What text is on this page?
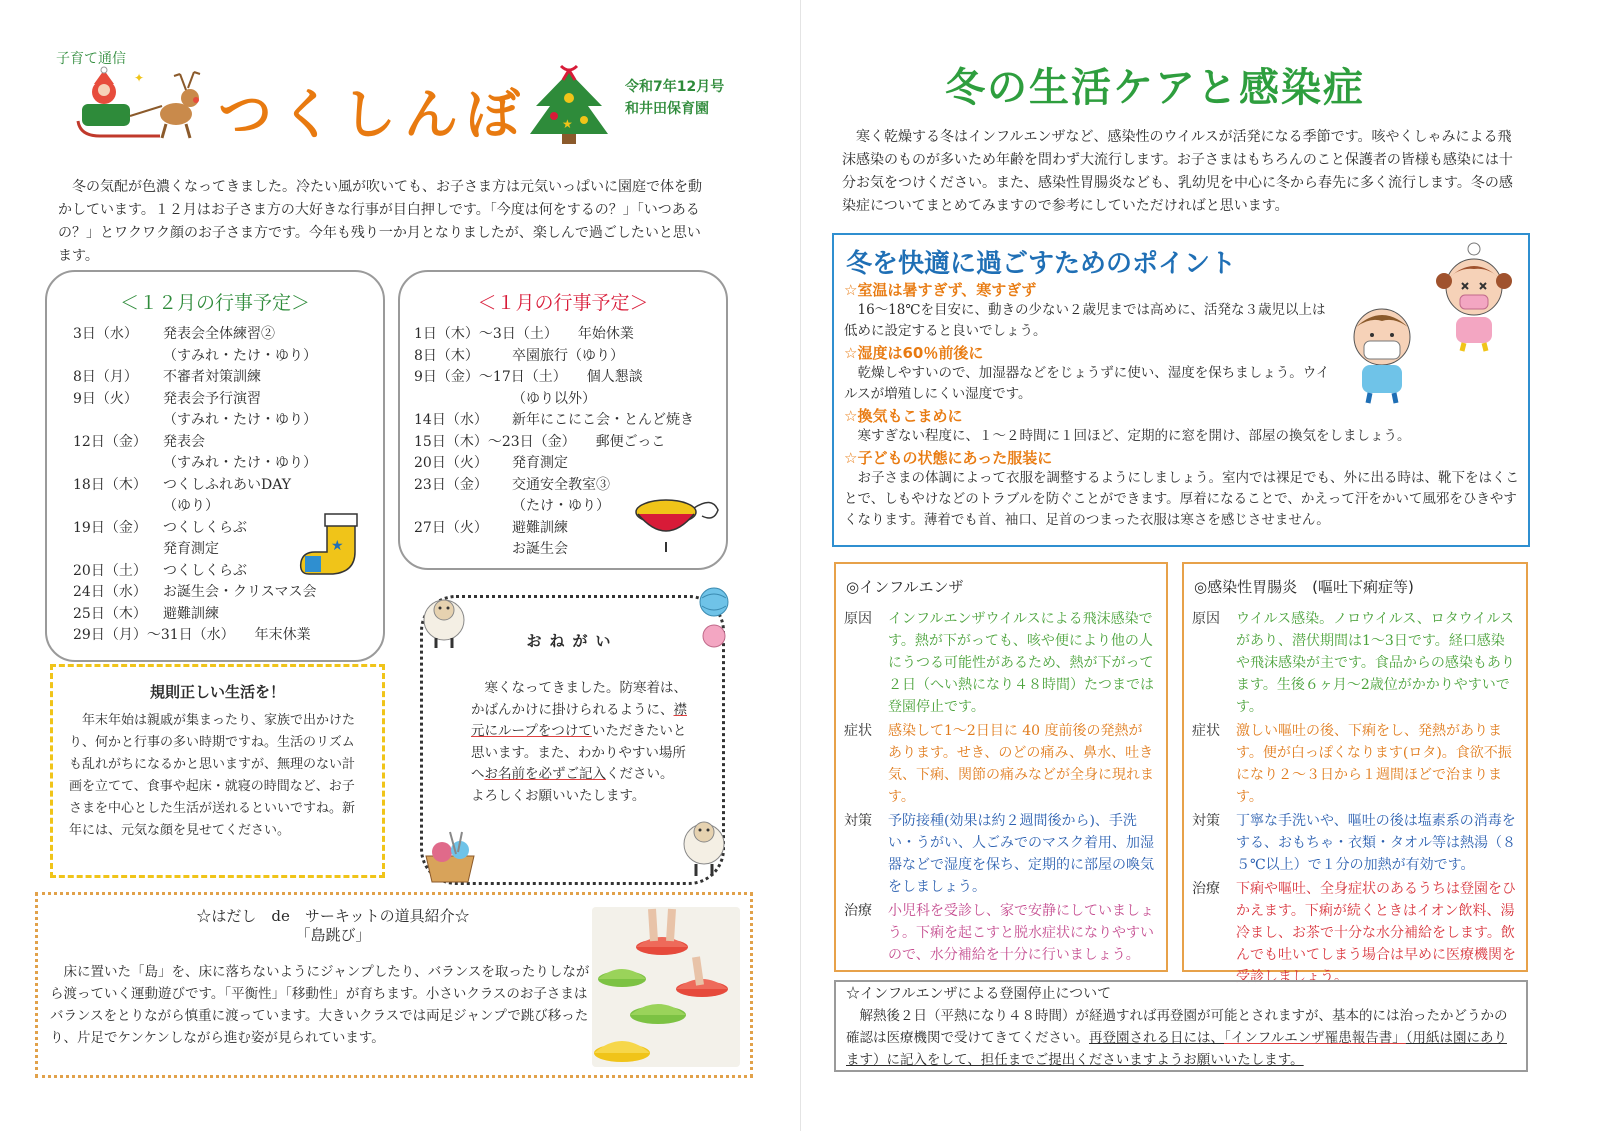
子育て通信
✦
つくしんぼ	★
令和7年12月号
和井田保育園
冬の気配が色濃くなってきました。冷たい風が吹いても、お子さま方は元気いっぱいに園庭で体を動かしています。１２月はお子さま方の大好きな行事が目白押しです。「今度は何をするの？」「いつあるの？」とワクワク顔のお子さま方です。今年も残り一か月となりましたが、楽しんで過ごしたいと思います。
＜１２月の行事予定＞
3日（水）	発表会全体練習②
（すみれ・たけ・ゆり）
8日（月）	不審者対策訓練
9日（火）	発表会予行演習
（すみれ・たけ・ゆり）
12日（金）	発表会
（すみれ・たけ・ゆり）
18日（木）	つくしふれあいDAY
（ゆり）
19日（金）	つくしくらぶ
発育測定
20日（土）	つくしくらぶ
24日（水）	お誕生会・クリスマス会
25日（木）	避難訓練
29日（月）～31日（水） 年末休業
★
＜１月の行事予定＞
1日（木）～3日（土） 年始休業
8日（木）	卒園旅行（ゆり）
9日（金）～17日（土） 個人懇談
（ゆり以外）
14日（水）	新年にこにこ会・とんど焼き
15日（木）～23日（金） 郵便ごっこ
20日（火）	発育測定
23日（金）	交通安全教室③
（たけ・ゆり）
27日（火）	避難訓練
お誕生会
規則正しい生活を！
年末年始は親戚が集まったり、家族で出かけたり、何かと行事の多い時期ですね。生活のリズムも乱れがちになるかと思いますが、無理のない計画を立てて、食事や起床・就寝の時間など、お子さまを中心とした生活が送れるといいですね。新年には、元気な顔を見せてください。
おねがい
寒くなってきました。防寒着は、かばんかけに掛けられるように、襟元にループをつけていただきたいと思います。また、わかりやすい場所へお名前を必ずご記入ください。
よろしくお願いいたします。
☆はだし　de　サーキットの道具紹介☆
「島跳び」
床に置いた「島」を、床に落ちないようにジャンプしたり、バランスを取ったりしながら渡っていく運動遊びです。「平衡性」「移動性」が育ちます。小さいクラスのお子さまはバランスをとりながら慎重に渡っています。大きいクラスでは両足ジャンプで跳び移ったり、片足でケンケンしながら進む姿が見られています。
冬の生活ケアと感染症
寒く乾燥する冬はインフルエンザなど、感染性のウイルスが活発になる季節です。咳やくしゃみによる飛沫感染のものが多いため年齢を問わず大流行します。お子さまはもちろんのこと保護者の皆様も感染には十分お気をつけください。また、感染性胃腸炎なども、乳幼児を中心に冬から春先に多く流行します。冬の感染症についてまとめてみますので参考にしていただければと思います。
冬を快適に過ごすためのポイント
☆室温は暑すぎず、寒すぎず
16～18℃を目安に、動きの少ない２歳児までは高めに、活発な３歳児以上は低めに設定すると良いでしょう。
☆湿度は60％前後に
乾燥しやすいので、加湿器などをじょうずに使い、湿度を保ちましょう。ウイルスが増殖しにくい湿度です。
☆換気もこまめに
寒すぎない程度に、１～２時間に１回ほど、定期的に窓を開け、部屋の換気をしましょう。
☆子どもの状態にあった服装に
お子さまの体調によって衣服を調整するようにしましょう。室内では裸足でも、外に出る時は、靴下をはくことで、しもやけなどのトラブルを防ぐことができます。厚着になることで、かえって汗をかいて風邪をひきやすくなります。薄着でも首、袖口、足首のつまった衣服は寒さを感じさせません。
◎インフルエンザ
原因	インフルエンザウイルスによる飛沫感染です。熱が下がっても、咳や便により他の人にうつる可能性があるため、熱が下がって２日（へい熱になり４８時間）たつまでは登園停止です。
症状	感染して1～2日目に 40 度前後の発熱があります。せき、のどの痛み、鼻水、吐き気、下痢、関節の痛みなどが全身に現れます。
対策	予防接種(効果は約２週間後から)、手洗い・うがい、人ごみでのマスク着用、加湿器などで湿度を保ち、定期的に部屋の喚気をしましょう。
治療	小児科を受診し、家で安静にしていましょう。下痢を起こすと脱水症状になりやすいので、水分補給を十分に行いましょう。
◎感染性胃腸炎　(嘔吐下痢症等)
原因	ウイルス感染。ノロウイルス、ロタウイルスがあり、潜伏期間は1～3日です。経口感染や飛沫感染が主です。食品からの感染もあります。生後６ヶ月～2歳位がかかりやすいです。
症状	激しい嘔吐の後、下痢をし、発熱があります。便が白っぽくなります(ロタ)。食欲不振になり２～３日から１週間ほどで治まります。
対策	丁寧な手洗いや、嘔吐の後は塩素系の消毒をする、おもちゃ・衣類・タオル等は熱湯（８５℃以上）で１分の加熱が有効です。
治療	下痢や嘔吐、全身症状のあるうちは登園をひかえます。下痢が続くときはイオン飲料、湯冷まし、お茶で十分な水分補給をします。飲んでも吐いてしまう場合は早めに医療機関を受診しましょう。
☆インフルエンザによる登園停止について
解熱後２日（平熱になり４８時間）が経過すれば再登園が可能とされますが、基本的には治ったかどうかの確認は医療機関で受けてきてください。再登園される日には、「インフルエンザ罹患報告書」（用紙は園にあります）に記入をして、担任までご提出くださいますようお願いいたします。
